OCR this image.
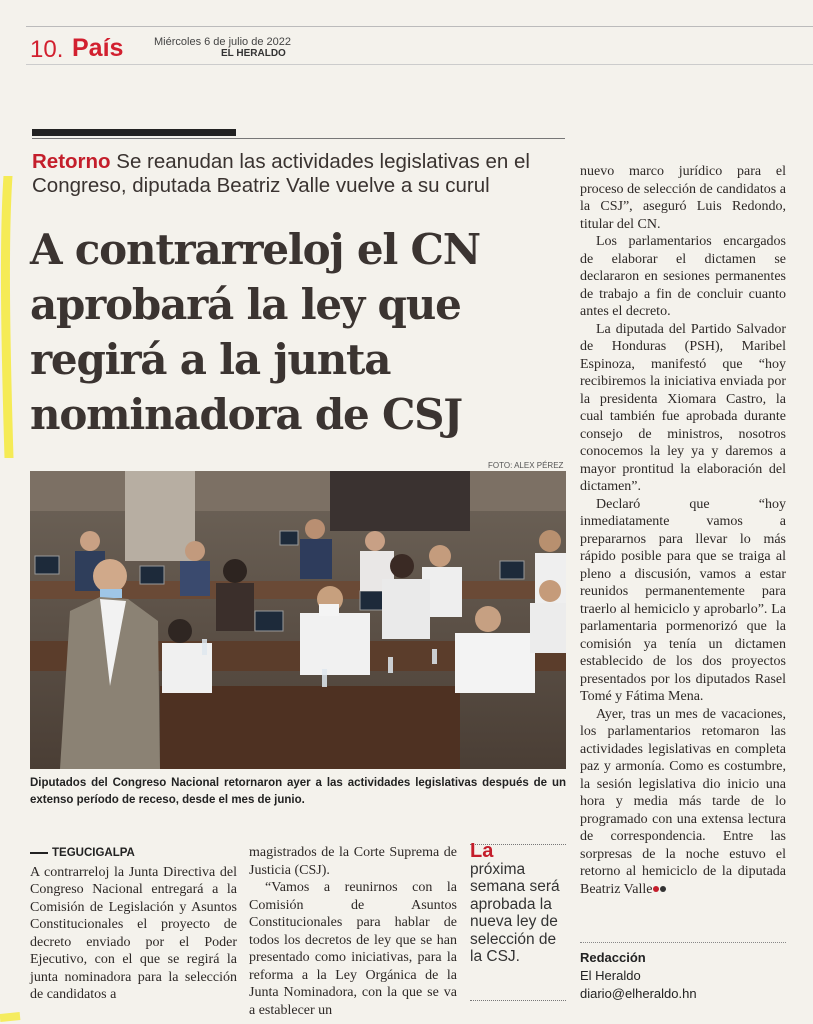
10. País	Miércoles 6 de julio de 2022
EL HERALDO
Retorno Se reanudan las actividades legislativas en el Congreso, diputada Beatriz Valle vuelve a su curul
A contrarreloj el CN aprobará la ley que regirá a la junta nominadora de CSJ
FOTO: ALEX PÉREZ
Diputados del Congreso Nacional retornaron ayer a las actividades legislativas después de un extenso período de receso, desde el mes de junio.
TEGUCIGALPA

A contrarreloj la Junta Directiva del Congreso Nacional entregará a la Comisión de Legislación y Asuntos Constitucionales el proyecto de decreto enviado por el Poder Ejecutivo, con el que se regirá la junta nominadora para la selección de candidatos a

magistrados de la Corte Suprema de Justicia (CSJ).

“Vamos a reunirnos con la Comisión de Asuntos Constitucionales para hablar de todos los decretos de ley que se han presentado como iniciativas, para la reforma a la Ley Orgánica de la Junta Nominadora, con la que se va a establecer un

La
próxima semana será aprobada la nueva ley de selección de la CSJ.

nuevo marco jurídico para el proceso de selección de candidatos a la CSJ”, aseguró Luis Redondo, titular del CN.

Los parlamentarios encargados de elaborar el dictamen se declararon en sesiones permanentes de trabajo a fin de concluir cuanto antes el decreto.

La diputada del Partido Salvador de Honduras (PSH), Maribel Espinoza, manifestó que “hoy recibiremos la iniciativa enviada por la presidenta Xiomara Castro, la cual también fue aprobada durante consejo de ministros, nosotros conocemos la ley ya y daremos a mayor prontitud la elaboración del dictamen”.

Declaró que “hoy inmediatamente vamos a prepararnos para llevar lo más rápido posible para que se traiga al pleno a discusión, vamos a estar reunidos permanentemente para traerlo al hemiciclo y aprobarlo”. La parlamentaria pormenorizó que la comisión ya tenía un dictamen establecido de los dos proyectos presentados por los diputados Rasel Tomé y Fátima Mena.

Ayer, tras un mes de vacaciones, los parlamentarios retomaron las actividades legislativas en completa paz y armonía. Como es costumbre, la sesión legislativa dio inicio una hora y media más tarde de lo programado con una extensa lectura de correspondencia. Entre las sorpresas de la noche estuvo el retorno al hemiciclo de la diputada Beatriz Valle

Redacción
El Heraldo
diario@elheraldo.hn
